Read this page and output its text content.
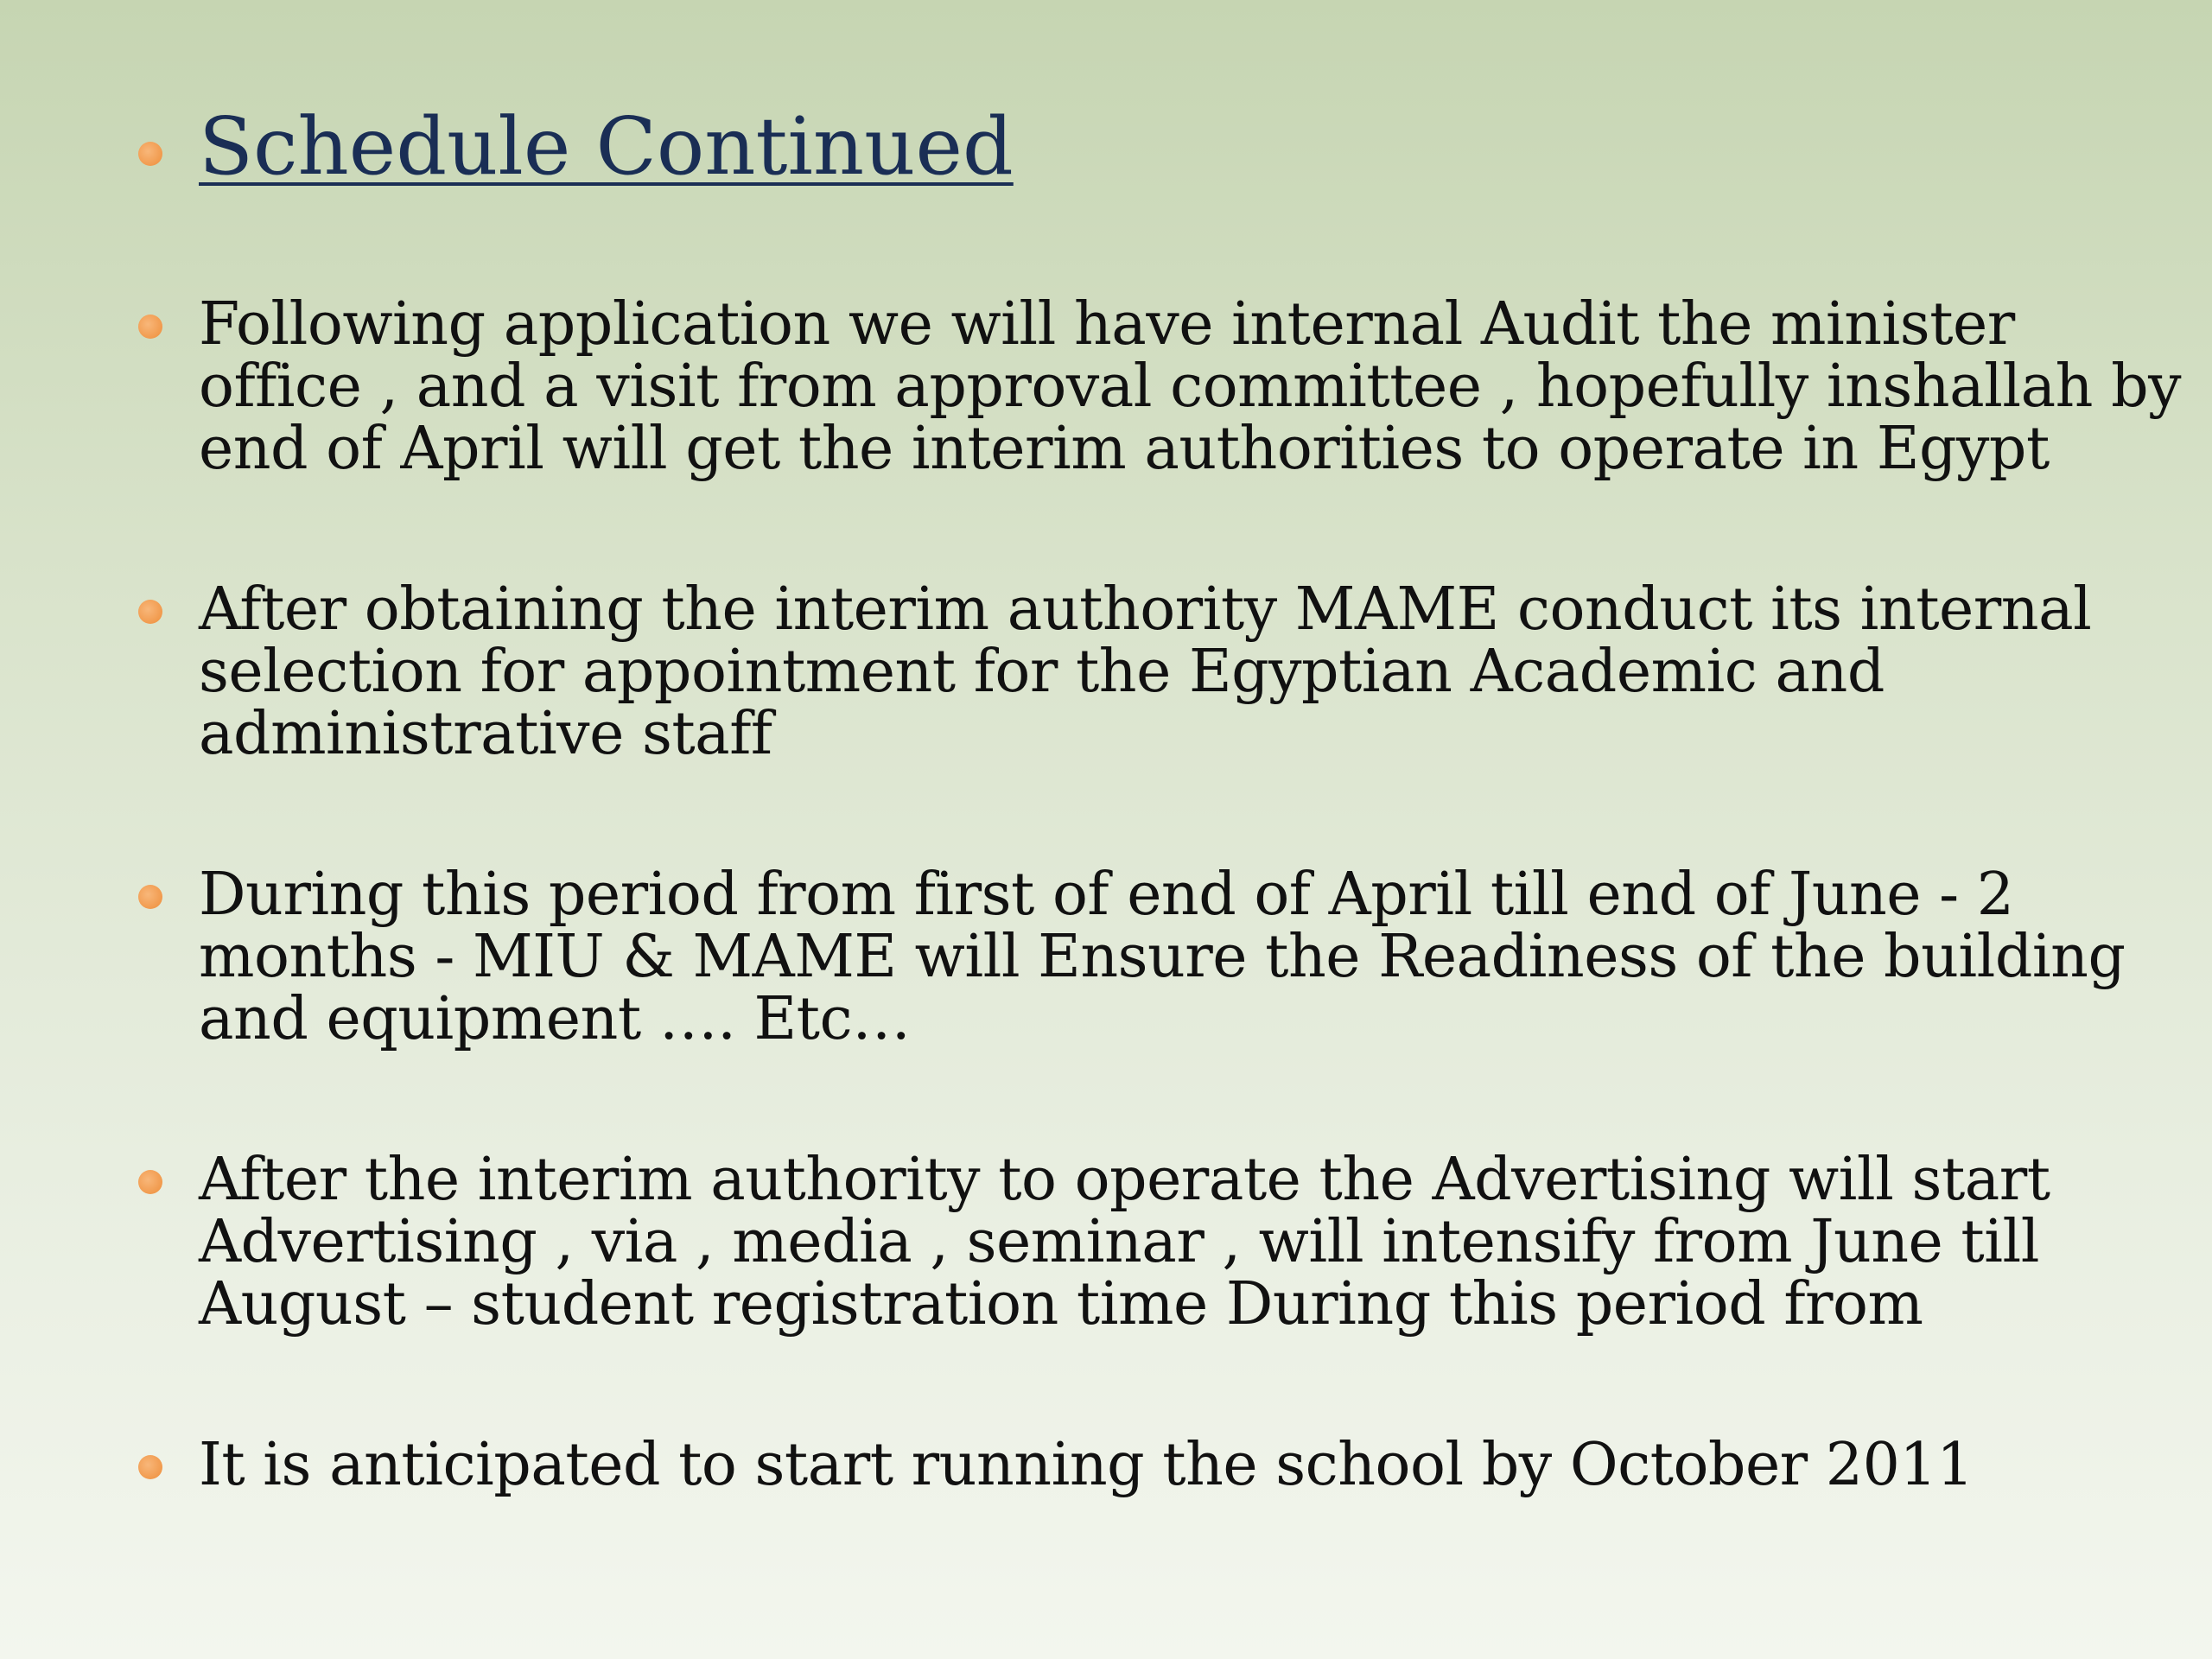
Schedule Continued
Following application we will have internal Audit the minister
office , and a visit from approval committee , hopefully inshallah by
end of April will get the interim authorities to operate in Egypt
After obtaining the interim authority MAME conduct its internal
selection for appointment for the Egyptian Academic and
administrative staff
During this period from first of end of April till end of June - 2
months - MIU & MAME will Ensure the Readiness of the building
and equipment …. Etc…
After the interim authority to operate the Advertising will start
Advertising , via , media , seminar , will intensify from June till
August – student registration time During this period from
It is anticipated to start running the school by October 2011
